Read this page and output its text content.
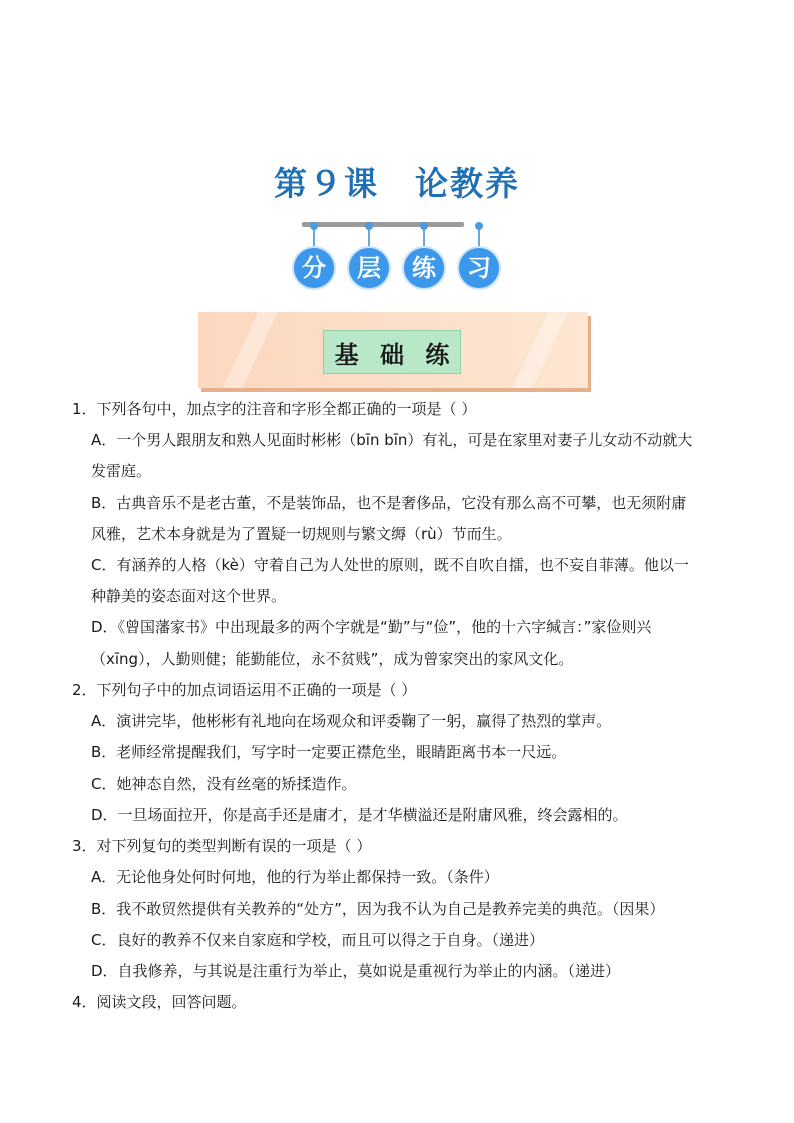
第９课 论教养
分	层	练	习
基 础 练
1．下列各句中，加点字的注音和字形全都正确的一项是（ ）
A．一个男人跟朋友和熟人见面时彬彬（bīn bīn）有礼，可是在家里对妻子儿女动不动就大
发雷庭。
B．古典音乐不是老古董，不是装饰品，也不是奢侈品，它没有那么高不可攀，也无须附庸
风雅，艺术本身就是为了置疑一切规则与繁文缛（rù）节而生。
C．有涵养的人格（kè）守着自己为人处世的原则，既不自吹自擂，也不妄自菲薄。他以一
种静美的姿态面对这个世界。
D．《曾国藩家书》中出现最多的两个字就是“勤”与“俭”，他的十六字缄言：”家俭则兴
（xīng），人勤则健；能勤能位，永不贫贱”，成为曾家突出的家风文化。
2．下列句子中的加点词语运用不正确的一项是（ ）
A．演讲完毕，他彬彬有礼地向在场观众和评委鞠了一躬，赢得了热烈的掌声。
B．老师经常提醒我们，写字时一定要正襟危坐，眼睛距离书本一尺远。
C．她神态自然，没有丝毫的矫揉造作。
D．一旦场面拉开，你是高手还是庸才，是才华横溢还是附庸风雅，终会露相的。
3．对下列复句的类型判断有误的一项是（ ）
A．无论他身处何时何地，他的行为举止都保持一致。（条件）
B．我不敢贸然提供有关教养的“处方”，因为我不认为自己是教养完美的典范。（因果）
C．良好的教养不仅来自家庭和学校，而且可以得之于自身。（递进）
D．自我修养，与其说是注重行为举止，莫如说是重视行为举止的内涵。（递进）
4．阅读文段，回答问题。
